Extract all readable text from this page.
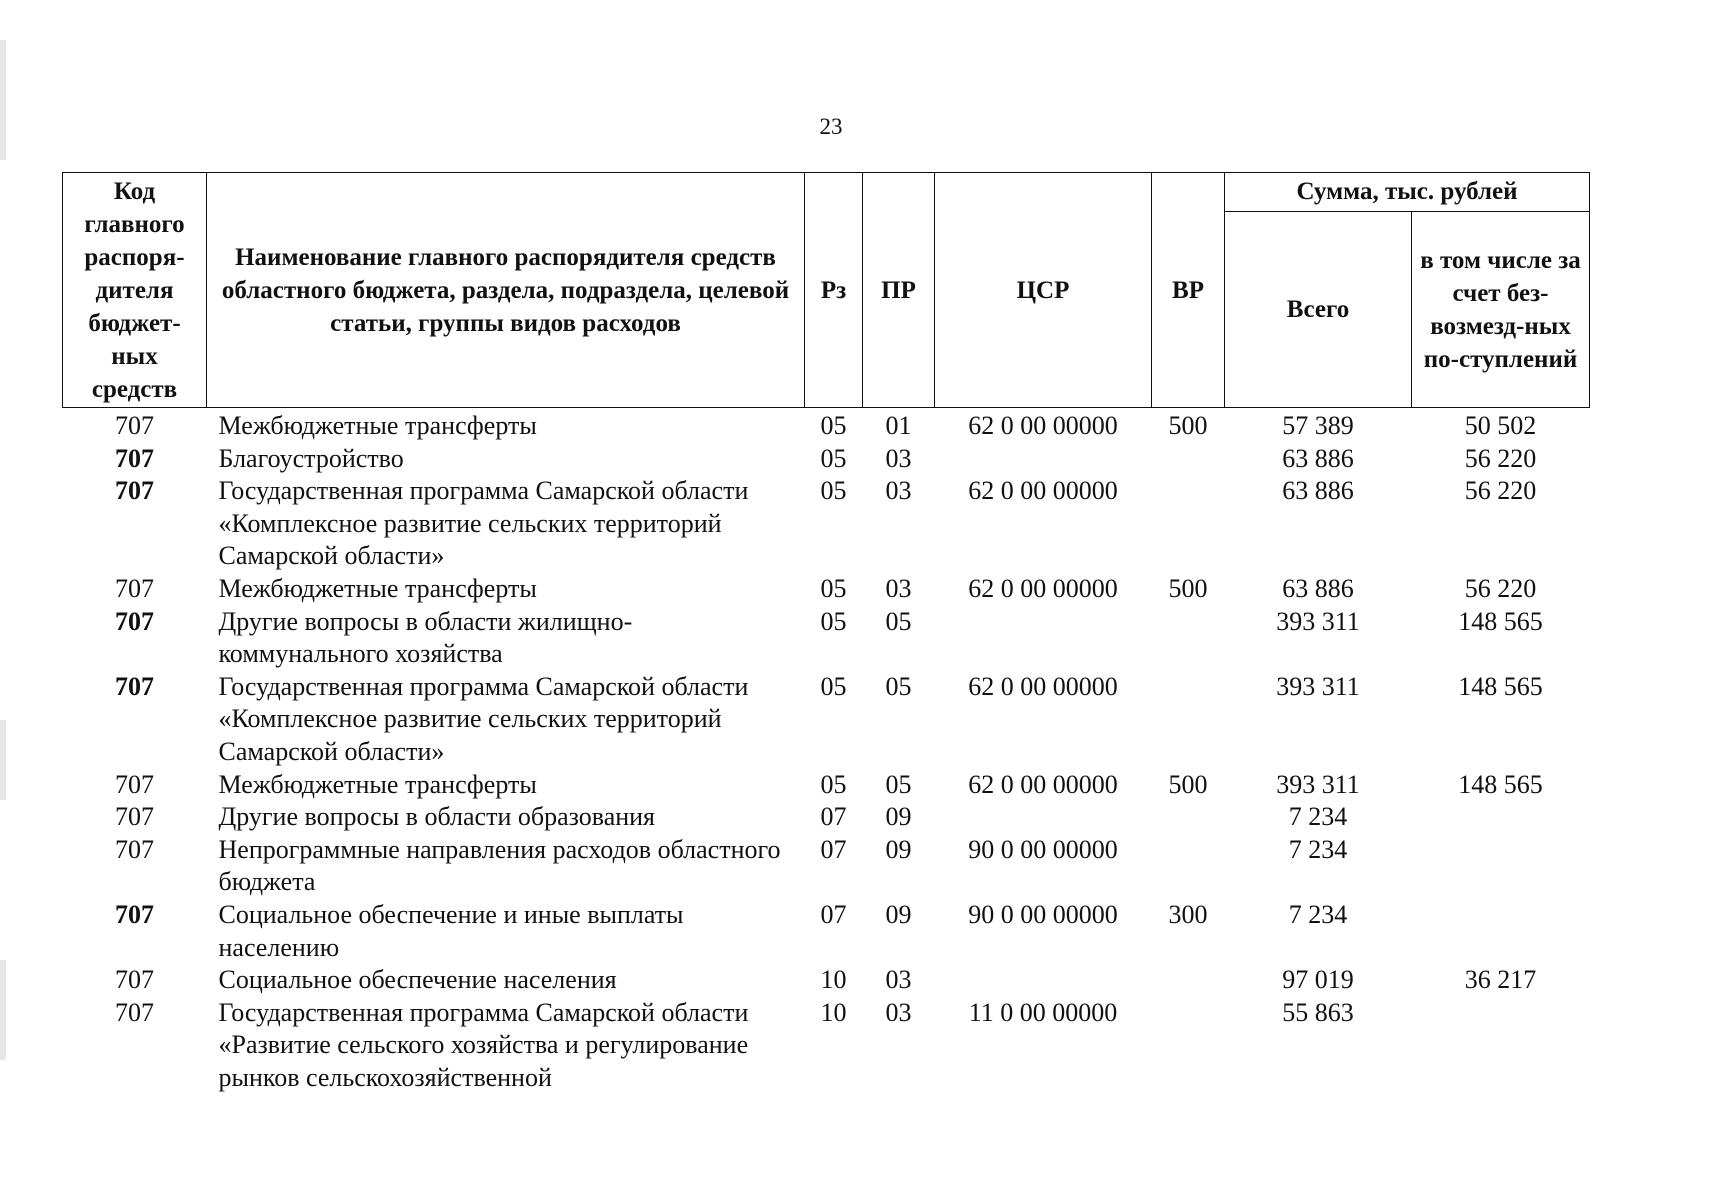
23
Код главного распоря-дителя бюджет-ных средств	Наименование главного распорядителя средств областного бюджета, раздела, подраздела, целевой статьи, группы видов расходов	Рз	ПР	ЦСР	ВР	Сумма, тыс. рублей	
						Всего	в том числе за счет без-возмезд-ных по-ступлений
707	Межбюджетные трансферты	05	01	62 0 00 00000	500	57 389	50 502
707	Благоустройство	05	03			63 886	56 220
707	Государственная программа Самарской области «Комплексное развитие сельских территорий Самарской области»	05	03	62 0 00 00000		63 886	56 220
707	Межбюджетные трансферты	05	03	62 0 00 00000	500	63 886	56 220
707	Другие вопросы в области жилищно-коммунального хозяйства	05	05			393 311	148 565
707	Государственная программа Самарской области «Комплексное развитие сельских территорий Самарской области»	05	05	62 0 00 00000		393 311	148 565
707	Межбюджетные трансферты	05	05	62 0 00 00000	500	393 311	148 565
707	Другие вопросы в области образования	07	09			7 234	
707	Непрограммные направления расходов областного бюджета	07	09	90 0 00 00000		7 234	
707	Социальное обеспечение и иные выплаты населению	07	09	90 0 00 00000	300	7 234	
707	Социальное обеспечение населения	10	03			97 019	36 217
707	Государственная программа Самарской области «Развитие сельского хозяйства и регулирование рынков сельскохозяйственной	10	03	11 0 00 00000		55 863	
